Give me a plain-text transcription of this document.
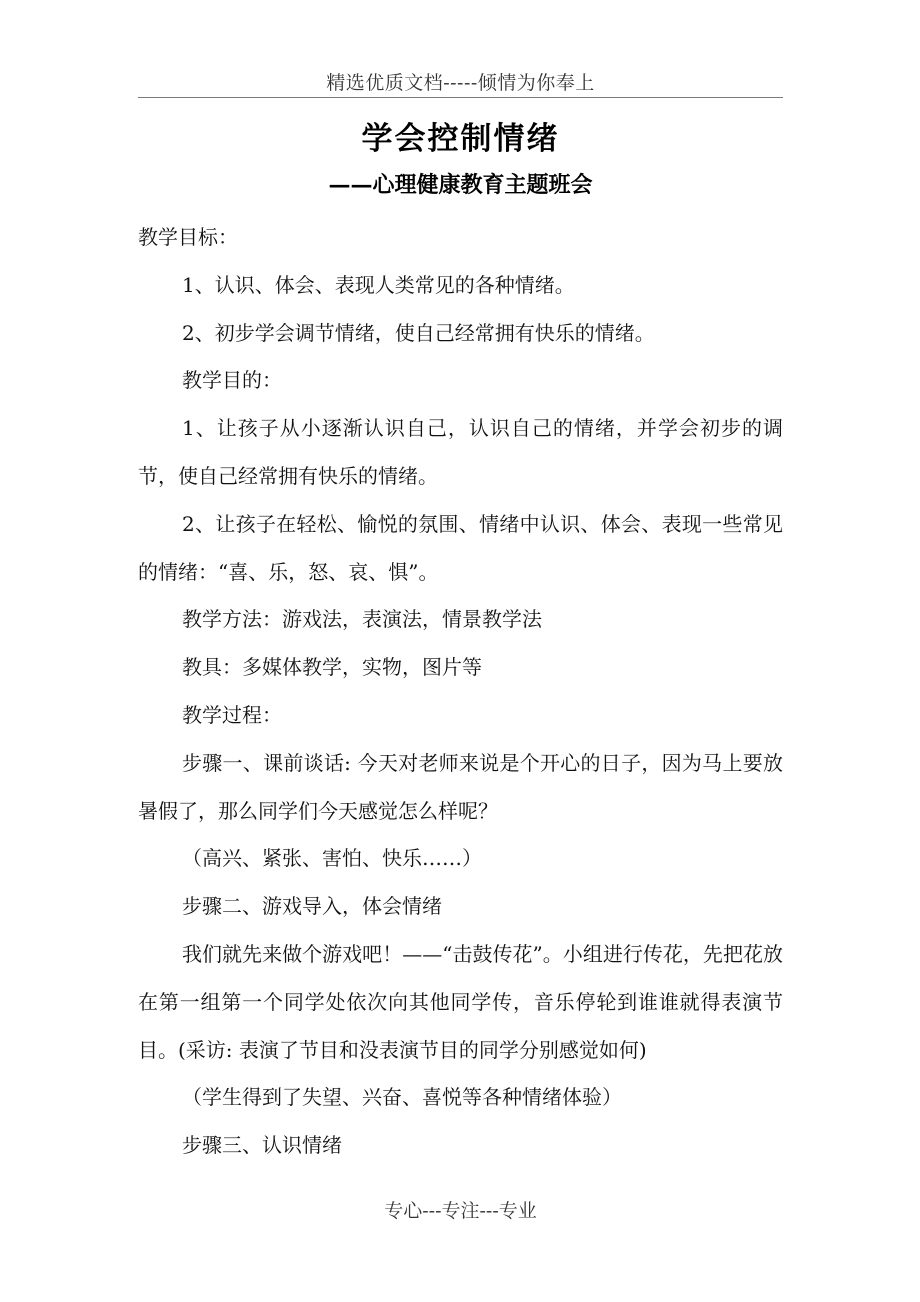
精选优质文档-----倾情为你奉上
学会控制情绪
——心理健康教育主题班会

教学目标：

1、认识、体会、表现人类常见的各种情绪。

2、初步学会调节情绪，使自己经常拥有快乐的情绪。

教学目的：

1、让孩子从小逐渐认识自己，认识自己的情绪，并学会初步的调节，使自己经常拥有快乐的情绪。

2、让孩子在轻松、愉悦的氛围、情绪中认识、体会、表现一些常见的情绪：“喜、乐，怒、哀、惧”。

教学方法：游戏法，表演法，情景教学法

教具：多媒体教学，实物，图片等

教学过程：

步骤一、课前谈话: 今天对老师来说是个开心的日子，因为马上要放暑假了，那么同学们今天感觉怎么样呢？

（高兴、紧张、害怕、快乐……）

步骤二、游戏导入，体会情绪

我们就先来做个游戏吧！——“击鼓传花”。小组进行传花，先把花放在第一组第一个同学处依次向其他同学传，音乐停轮到谁谁就得表演节目。(采访: 表演了节目和没表演节目的同学分别感觉如何)

（学生得到了失望、兴奋、喜悦等各种情绪体验）

步骤三、认识情绪

专心---专注---专业
